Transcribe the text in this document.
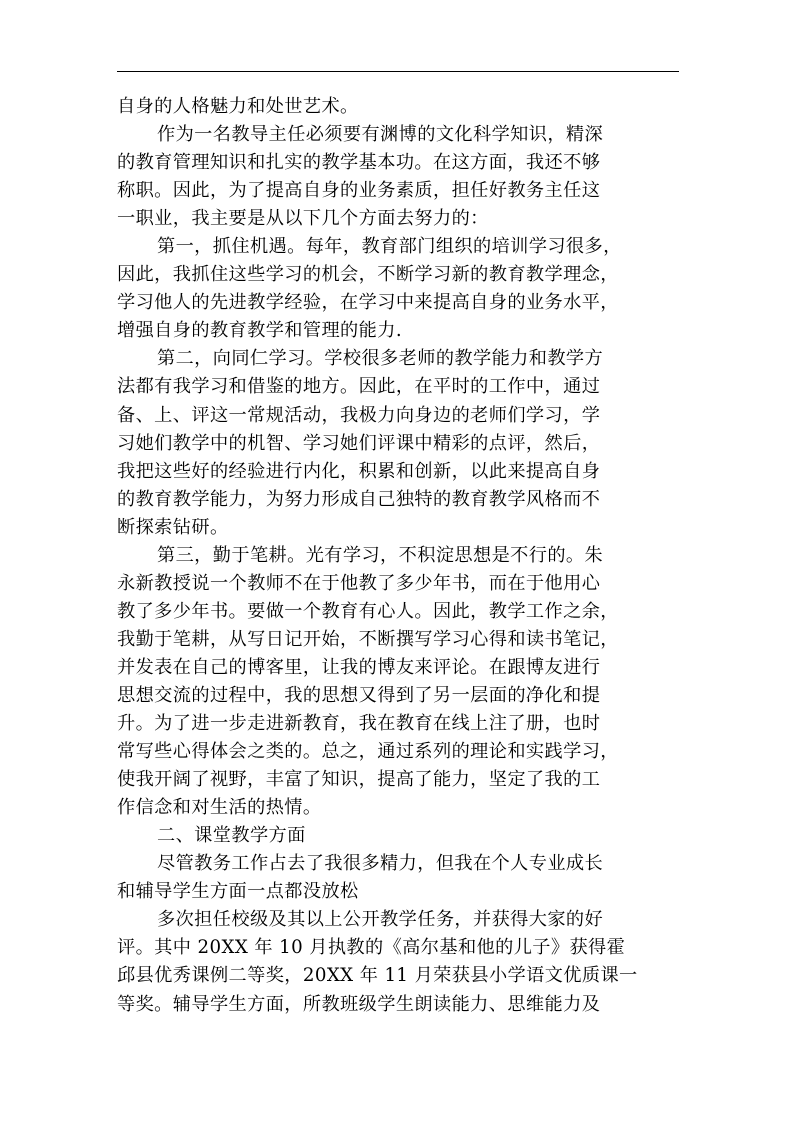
自身的人格魅力和处世艺术。
作为一名教导主任必须要有渊博的文化科学知识，精深
的教育管理知识和扎实的教学基本功。在这方面，我还不够
称职。因此，为了提高自身的业务素质，担任好教务主任这
一职业，我主要是从以下几个方面去努力的：
第一，抓住机遇。每年，教育部门组织的培训学习很多，
因此，我抓住这些学习的机会，不断学习新的教育教学理念，
学习他人的先进教学经验，在学习中来提高自身的业务水平，
增强自身的教育教学和管理的能力.
第二，向同仁学习。学校很多老师的教学能力和教学方
法都有我学习和借鉴的地方。因此，在平时的工作中，通过
备、上、评这一常规活动，我极力向身边的老师们学习，学
习她们教学中的机智、学习她们评课中精彩的点评，然后，
我把这些好的经验进行内化，积累和创新，以此来提高自身
的教育教学能力，为努力形成自己独特的教育教学风格而不
断探索钻研。
第三，勤于笔耕。光有学习，不积淀思想是不行的。朱
永新教授说一个教师不在于他教了多少年书，而在于他用心
教了多少年书。要做一个教育有心人。因此，教学工作之余，
我勤于笔耕，从写日记开始，不断撰写学习心得和读书笔记，
并发表在自己的博客里，让我的博友来评论。在跟博友进行
思想交流的过程中，我的思想又得到了另一层面的净化和提
升。为了进一步走进新教育，我在教育在线上注了册，也时
常写些心得体会之类的。总之，通过系列的理论和实践学习，
使我开阔了视野，丰富了知识，提高了能力，坚定了我的工
作信念和对生活的热情。
二、课堂教学方面
尽管教务工作占去了我很多精力，但我在个人专业成长
和辅导学生方面一点都没放松
多次担任校级及其以上公开教学任务，并获得大家的好
评。其中 20XX 年 10 月执教的《高尔基和他的儿子》获得霍
邱县优秀课例二等奖，20XX 年 11 月荣获县小学语文优质课一
等奖。辅导学生方面，所教班级学生朗读能力、思维能力及
